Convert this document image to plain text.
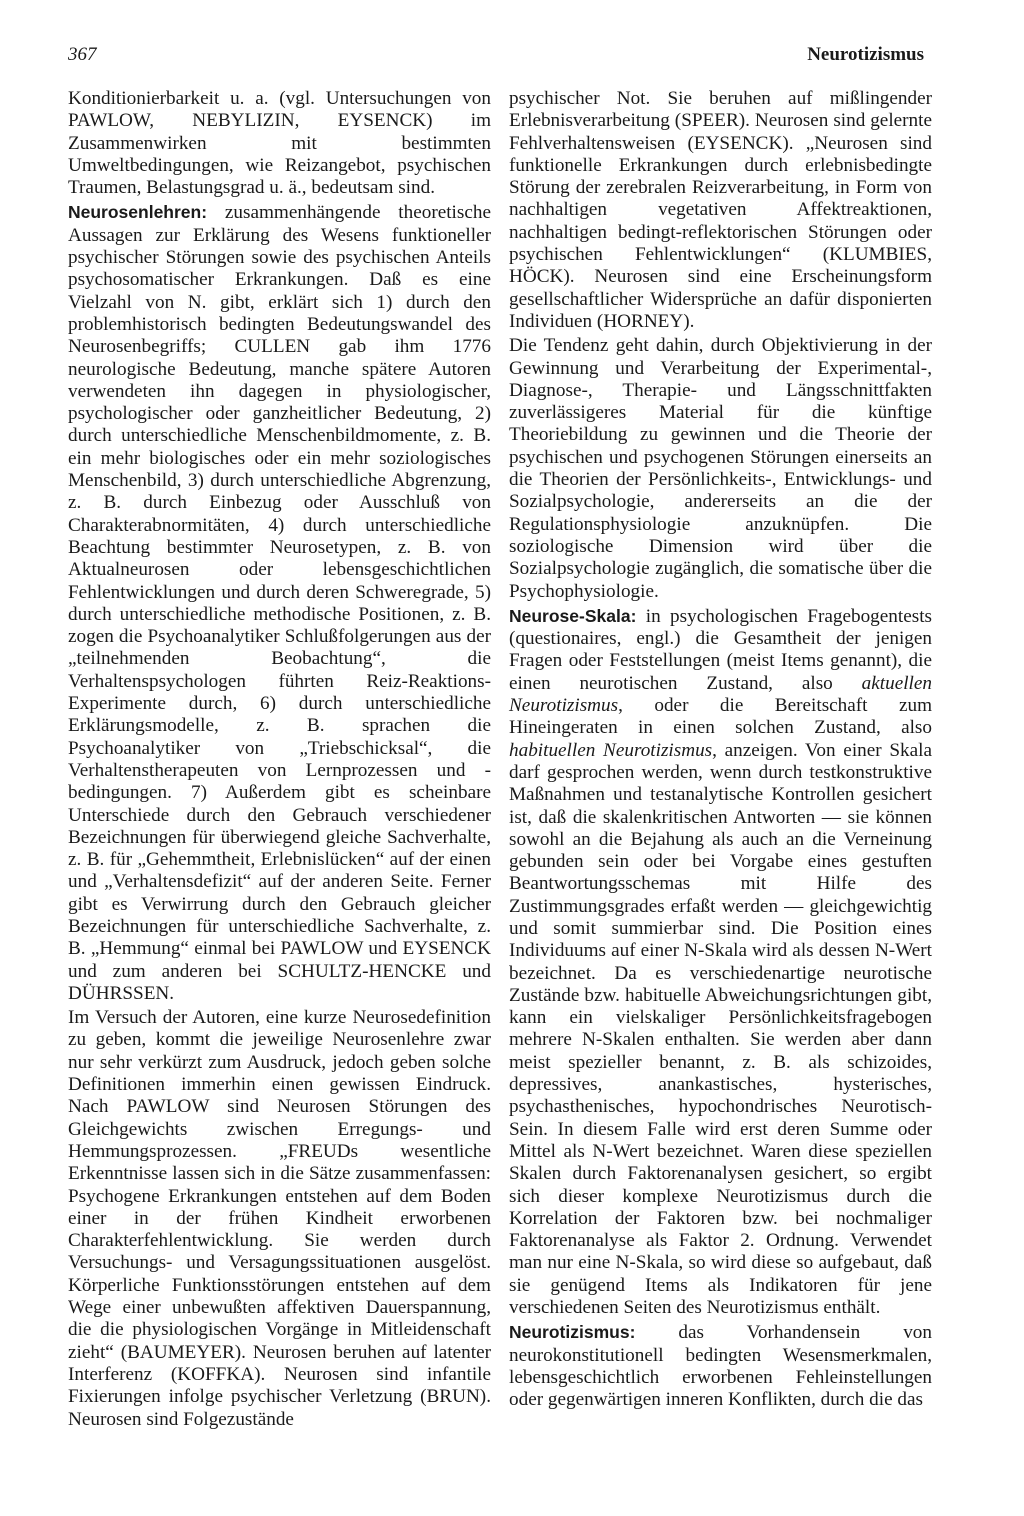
367	Neurotizismus

Konditionierbarkeit u. a. (vgl. Untersuchungen von PAWLOW, NEBYLIZIN, EYSENCK) im Zusammenwirken mit bestimmten Umweltbedingungen, wie Reizangebot, psychischen Traumen, Belastungsgrad u. ä., bedeutsam sind.

Neurosenlehren: zusammenhängende theoretische Aussagen zur Erklärung des Wesens funktioneller psychischer Störungen sowie des psychischen Anteils psychosomatischer Erkrankungen. Daß es eine Vielzahl von N. gibt, erklärt sich 1) durch den problemhistorisch bedingten Bedeutungswandel des Neurosenbegriffs; CULLEN gab ihm 1776 neurologische Bedeutung, manche spätere Autoren verwendeten ihn dagegen in physiologischer, psychologischer oder ganzheitlicher Bedeutung, 2) durch unterschiedliche Menschenbildmomente, z. B. ein mehr biologisches oder ein mehr soziologisches Menschenbild, 3) durch unterschiedliche Abgrenzung, z. B. durch Einbezug oder Ausschluß von Charakterabnormitäten, 4) durch unterschiedliche Beachtung bestimmter Neurosetypen, z. B. von Aktualneurosen oder lebensgeschichtlichen Fehlentwicklungen und durch deren Schweregrade, 5) durch unterschiedliche methodische Positionen, z. B. zogen die Psychoanalytiker Schlußfolgerungen aus der „teilnehmenden Beobachtung“, die Verhaltenspsychologen führten Reiz-Reaktions-Experimente durch, 6) durch unterschiedliche Erklärungsmodelle, z. B. sprachen die Psychoanalytiker von „Triebschicksal“, die Verhaltenstherapeuten von Lernprozessen und -bedingungen. 7) Außerdem gibt es scheinbare Unterschiede durch den Gebrauch verschiedener Bezeichnungen für überwiegend gleiche Sachverhalte, z. B. für „Gehemmtheit, Erlebnislücken“ auf der einen und „Verhaltensdefizit“ auf der anderen Seite. Ferner gibt es Verwirrung durch den Gebrauch gleicher Bezeichnungen für unterschiedliche Sachverhalte, z. B. „Hemmung“ einmal bei PAWLOW und EYSENCK und zum anderen bei SCHULTZ-HENCKE und DÜHRSSEN.

Im Versuch der Autoren, eine kurze Neurosedefinition zu geben, kommt die jeweilige Neurosenlehre zwar nur sehr verkürzt zum Ausdruck, jedoch geben solche Definitionen immerhin einen gewissen Eindruck. Nach PAWLOW sind Neurosen Störungen des Gleichgewichts zwischen Erregungs- und Hemmungsprozessen. „FREUDs wesentliche Erkenntnisse lassen sich in die Sätze zusammenfassen: Psychogene Erkrankungen entstehen auf dem Boden einer in der frühen Kindheit erworbenen Charakterfehlentwicklung. Sie werden durch Versuchungs- und Versagungssituationen ausgelöst. Körperliche Funktionsstörungen entstehen auf dem Wege einer unbewußten affektiven Dauerspannung, die die physiologischen Vorgänge in Mitleidenschaft zieht“ (BAUMEYER). Neurosen beruhen auf latenter Interferenz (KOFFKA). Neurosen sind infantile Fixierungen infolge psychischer Verletzung (BRUN). Neurosen sind Folgezustände

psychischer Not. Sie beruhen auf mißlingender Erlebnisverarbeitung (SPEER). Neurosen sind gelernte Fehlverhaltensweisen (EYSENCK). „Neurosen sind funktionelle Erkrankungen durch erlebnisbedingte Störung der zerebralen Reizverarbeitung, in Form von nachhaltigen vegetativen Affektreaktionen, nachhaltigen bedingt-reflektorischen Störungen oder psychischen Fehlentwicklungen“ (KLUMBIES, HÖCK). Neurosen sind eine Erscheinungsform gesellschaftlicher Widersprüche an dafür disponierten Individuen (HORNEY).

Die Tendenz geht dahin, durch Objektivierung in der Gewinnung und Verarbeitung der Experimental-, Diagnose-, Therapie- und Längsschnittfakten zuverlässigeres Material für die künftige Theoriebildung zu gewinnen und die Theorie der psychischen und psychogenen Störungen einerseits an die Theorien der Persönlichkeits-, Entwicklungs- und Sozialpsychologie, andererseits an die der Regulationsphysiologie anzuknüpfen. Die soziologische Dimension wird über die Sozialpsychologie zugänglich, die somatische über die Psychophysiologie.

Neurose-Skala: in psychologischen Fragebogentests (questionaires, engl.) die Gesamtheit der jenigen Fragen oder Feststellungen (meist Items genannt), die einen neurotischen Zustand, also aktuellen Neurotizismus, oder die Bereitschaft zum Hineingeraten in einen solchen Zustand, also habituellen Neurotizismus, anzeigen. Von einer Skala darf gesprochen werden, wenn durch testkonstruktive Maßnahmen und testanalytische Kontrollen gesichert ist, daß die skalenkritischen Antworten — sie können sowohl an die Bejahung als auch an die Verneinung gebunden sein oder bei Vorgabe eines gestuften Beantwortungsschemas mit Hilfe des Zustimmungsgrades erfaßt werden — gleichgewichtig und somit summierbar sind. Die Position eines Individuums auf einer N-Skala wird als dessen N-Wert bezeichnet. Da es verschiedenartige neurotische Zustände bzw. habituelle Abweichungsrichtungen gibt, kann ein vielskaliger Persönlichkeitsfragebogen mehrere N-Skalen enthalten. Sie werden aber dann meist spezieller benannt, z. B. als schizoides, depressives, anankastisches, hysterisches, psychasthenisches, hypochondrisches Neurotisch-Sein. In diesem Falle wird erst deren Summe oder Mittel als N-Wert bezeichnet. Waren diese speziellen Skalen durch Faktorenanalysen gesichert, so ergibt sich dieser komplexe Neurotizismus durch die Korrelation der Faktoren bzw. bei nochmaliger Faktorenanalyse als Faktor 2. Ordnung. Verwendet man nur eine N-Skala, so wird diese so aufgebaut, daß sie genügend Items als Indikatoren für jene verschiedenen Seiten des Neurotizismus enthält.

Neurotizismus: das Vorhandensein von neurokonstitutionell bedingten Wesensmerkmalen, lebensgeschichtlich erworbenen Fehleinstellungen oder gegenwärtigen inneren Konflikten, durch die das
